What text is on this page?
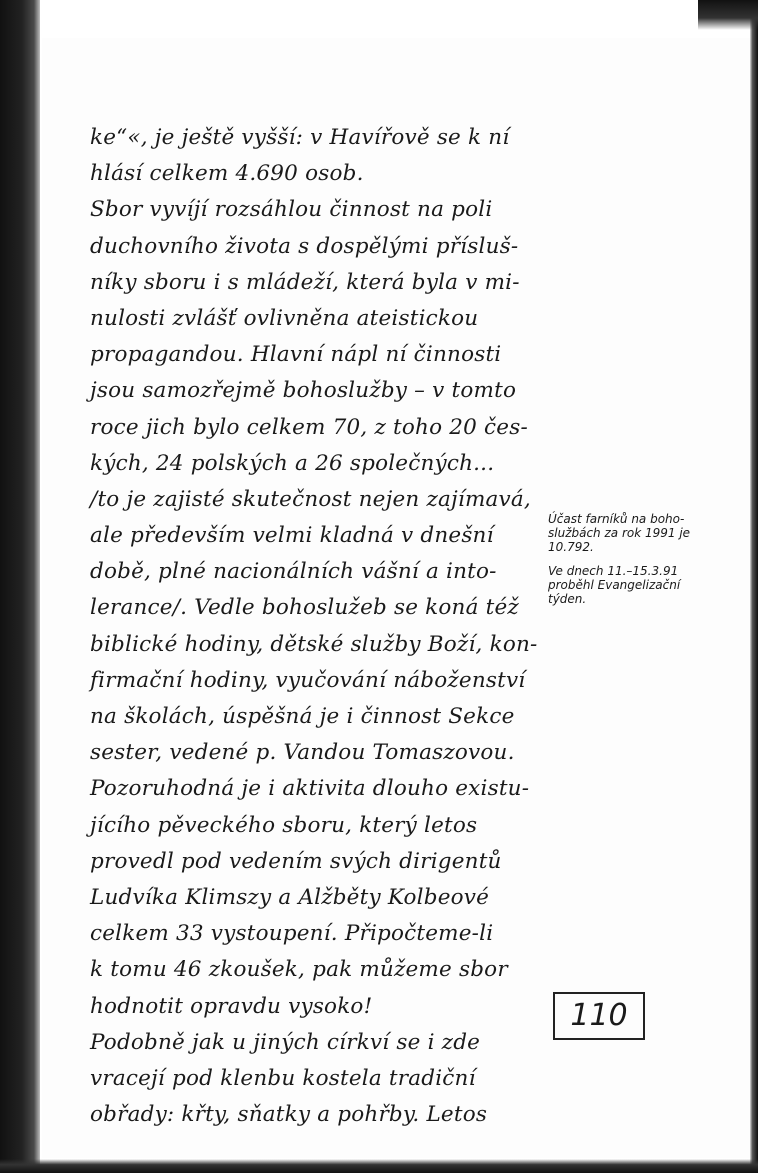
ke“«, je ještě vyšší: v Havířově se k ní
hlásí celkem 4.690 osob.
Sbor vyvíjí rozsáhlou činnost na poli
duchovního života s dospělými přísluš-
níky sboru i s mládeží, která byla v mi-
nulosti zvlášť ovlivněna ateistickou
propagandou. Hlavní nápl ní činnosti
jsou samozřejmě bohoslužby – v tomto
roce jich bylo celkem 70, z toho 20 čes-
kých, 24 polských a 26 společných...
/to je zajisté skutečnost nejen zajímavá,
ale především velmi kladná v dnešní
době, plné nacionálních vášní a into-
lerance/. Vedle bohoslužeb se koná též
biblické hodiny, dětské služby Boží, kon-
firmační hodiny, vyučování náboženství
na školách, úspěšná je i činnost Sekce
sester, vedené p. Vandou Tomaszovou.
Pozoruhodná je i aktivita dlouho existu-
jícího pěveckého sboru, který letos
provedl pod vedením svých dirigentů
Ludvíka Klimszy a Alžběty Kolbeové
celkem 33 vystoupení. Připočteme-li
k tomu 46 zkoušek, pak můžeme sbor
hodnotit opravdu vysoko!
Podobně jak u jiných církví se i zde
vracejí pod klenbu kostela tradiční
obřady: křty, sňatky a pohřby. Letos
Účast farníků na boho-
službách za rok 1991 je
10.792.
Ve dnech 11.–15.3.91
proběhl Evangelizační
týden.
110
